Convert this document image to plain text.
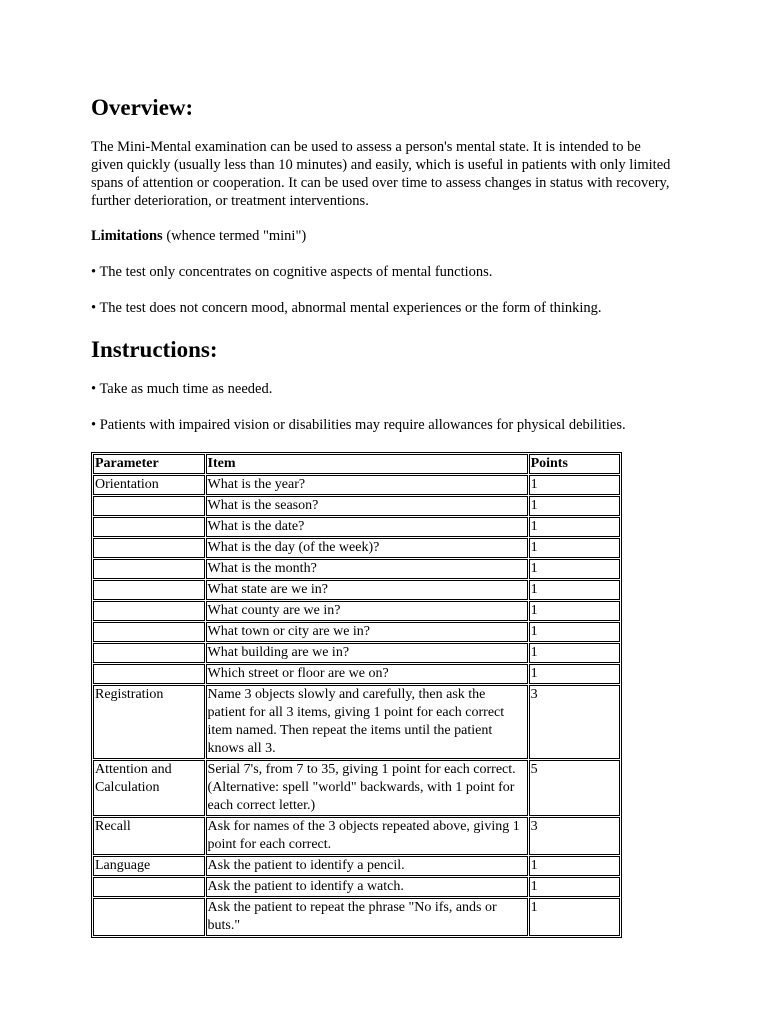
Overview:

The Mini-Mental examination can be used to assess a person's mental state. It is intended to be given quickly (usually less than 10 minutes) and easily, which is useful in patients with only limited spans of attention or cooperation. It can be used over time to assess changes in status with recovery, further deterioration, or treatment interventions.

Limitations (whence termed "mini")

• The test only concentrates on cognitive aspects of mental functions.

• The test does not concern mood, abnormal mental experiences or the form of thinking.

Instructions:

• Take as much time as needed.

• Patients with impaired vision or disabilities may require allowances for physical debilities.

Parameter	Item	Points
Orientation	What is the year?	1
	What is the season?	1
	What is the date?	1
	What is the day (of the week)?	1
	What is the month?	1
	What state are we in?	1
	What county are we in?	1
	What town or city are we in?	1
	What building are we in?	1
	Which street or floor are we on?	1
Registration	Name 3 objects slowly and carefully, then ask the patient for all 3 items, giving 1 point for each correct item named. Then repeat the items until the patient knows all 3.	3
Attention and Calculation	Serial 7's, from 7 to 35, giving 1 point for each correct. (Alternative: spell "world" backwards, with 1 point for each correct letter.)	5
Recall	Ask for names of the 3 objects repeated above, giving 1 point for each correct.	3
Language	Ask the patient to identify a pencil.	1
	Ask the patient to identify a watch.	1
	Ask the patient to repeat the phrase "No ifs, ands or buts."	1
